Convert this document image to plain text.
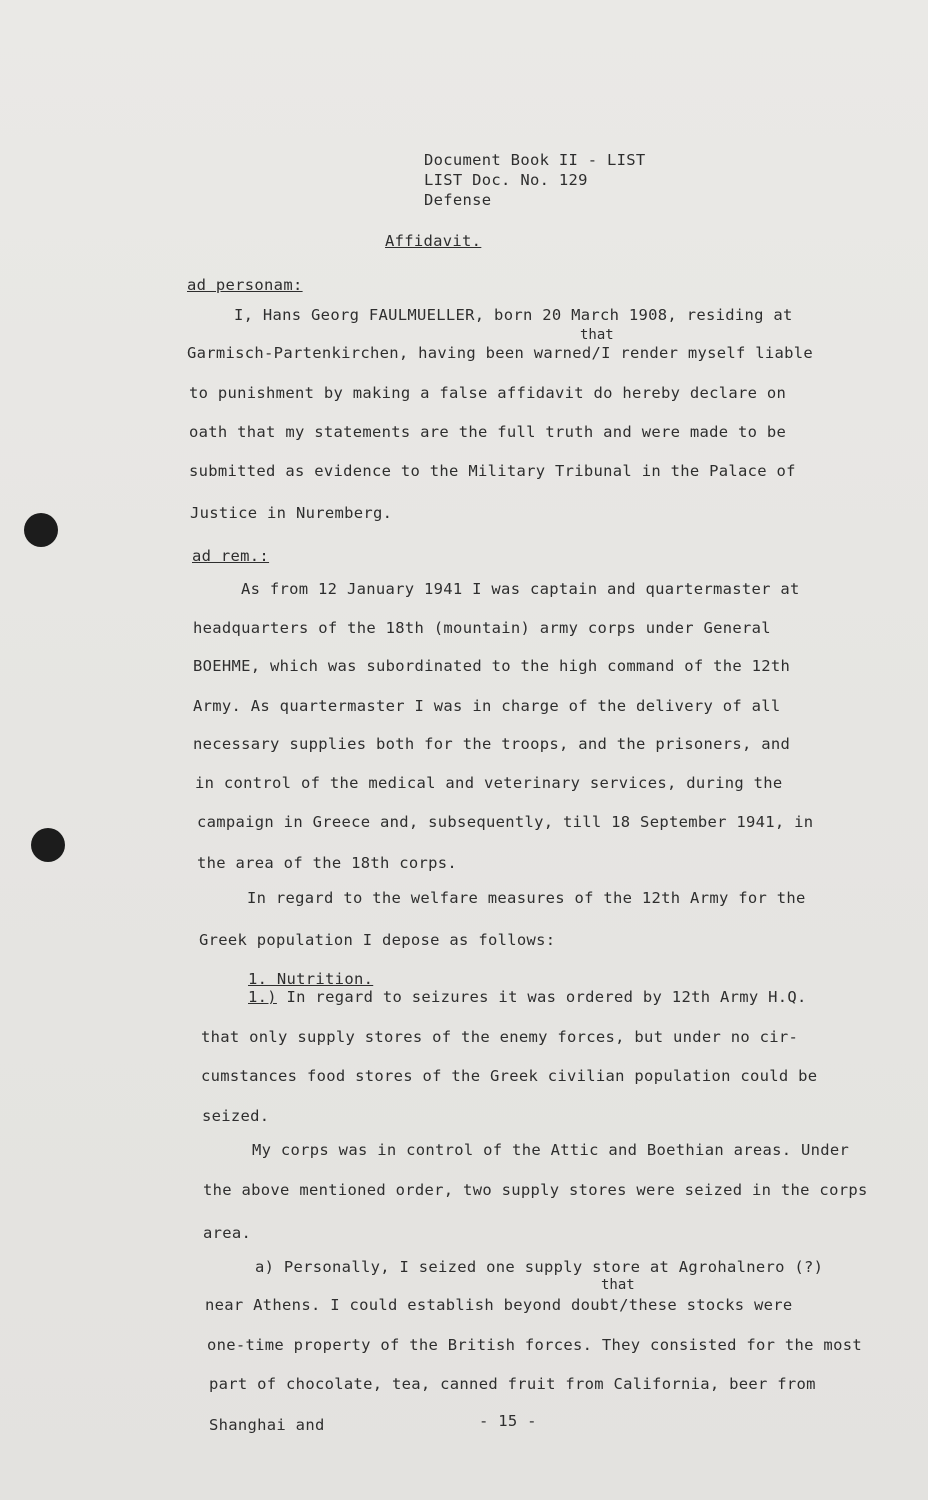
Document Book II - LIST
LIST Doc. No. 129
Defense
Affidavit.
ad personam:
that
I, Hans Georg FAULMUELLER, born 20 March 1908, residing at
Garmisch-Partenkirchen, having been warned/I render myself liable
to punishment by making a false affidavit do hereby declare on
oath that my statements are the full truth and were made to be
submitted as evidence to the Military Tribunal in the Palace of
Justice in Nuremberg.
ad rem.:
As from 12 January 1941 I was captain and quartermaster at
headquarters of the 18th (mountain) army corps under General
BOEHME, which was subordinated to the high command of the 12th
Army. As quartermaster I was in charge of the delivery of all
necessary supplies both for the troops, and the prisoners, and
in control of the medical and veterinary services, during the
campaign in Greece and, subsequently, till 18 September 1941, in
the area of the 18th corps.
In regard to the welfare measures of the 12th Army for the
Greek population I depose as follows:
1. Nutrition.
1.) In regard to seizures it was ordered by 12th Army H.Q.
that only supply stores of the enemy forces, but under no cir-
cumstances food stores of the Greek civilian population could be
seized.
My corps was in control of the Attic and Boethian areas. Under
the above mentioned order, two supply stores were seized in the corps
area.
a) Personally, I seized one supply store at Agrohalnero (?)
that
near Athens. I could establish beyond doubt/these stocks were
one-time property of the British forces. They consisted for the most
part of chocolate, tea, canned fruit from California, beer from
Shanghai and	- 15 -
